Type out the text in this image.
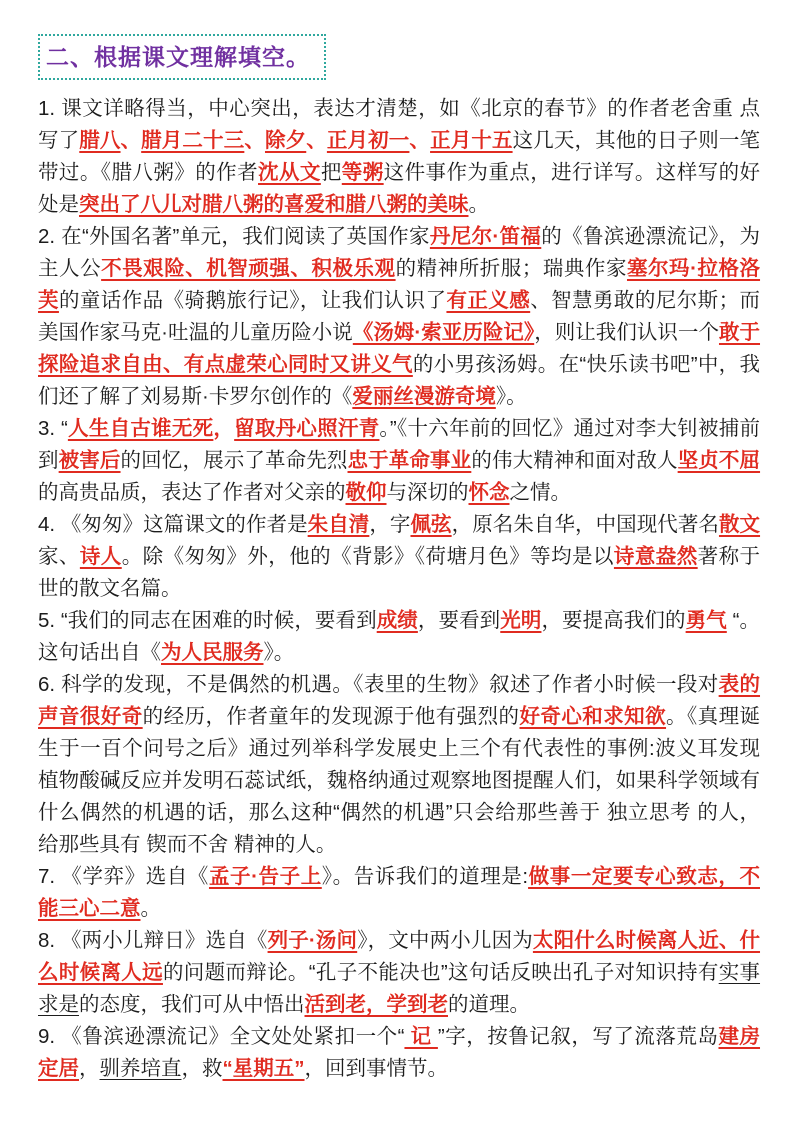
二、根据课文理解填空。

1. 课文详略得当，中心突出，表达才清楚，如《北京的春节》的作者老舍重 点写了腊八、腊月二十三、除夕、正月初一、正月十五这几天，其他的日子则一笔带过。《腊八粥》的作者沈从文把等粥这件事作为重点，进行详写。这样写的好处是突出了八儿对腊八粥的喜爱和腊八粥的美味。

2. 在“外国名著”单元，我们阅读了英国作家丹尼尔·笛福的《鲁滨逊漂流记》，为主人公不畏艰险、机智顽强、积极乐观的精神所折服；瑞典作家塞尔玛·拉格洛芙的童话作品《骑鹅旅行记》，让我们认识了有正义感、智慧勇敢的尼尔斯；而美国作家马克·吐温的儿童历险小说《汤姆·索亚历险记》，则让我们认识一个敢于探险追求自由、有点虚荣心同时又讲义气的小男孩汤姆。在“快乐读书吧”中，我们还了解了刘易斯·卡罗尔创作的《爱丽丝漫游奇境》。

3. “人生自古谁无死，留取丹心照汗青。”《十六年前的回忆》通过对李大钊被捕前到被害后的回忆，展示了革命先烈忠于革命事业的伟大精神和面对敌人坚贞不屈的高贵品质，表达了作者对父亲的敬仰与深切的怀念之情。

4. 《匆匆》这篇课文的作者是朱自清，字佩弦，原名朱自华，中国现代著名散文家、诗人。除《匆匆》外，他的《背影》《荷塘月色》等均是以诗意盎然著称于世的散文名篇。

5. “我们的同志在困难的时候，要看到成绩，要看到光明，要提高我们的勇气 “。这句话出自《为人民服务》。

6. 科学的发现，不是偶然的机遇。《表里的生物》叙述了作者小时候一段对表的声音很好奇的经历，作者童年的发现源于他有强烈的好奇心和求知欲。《真理诞生于一百个问号之后》通过列举科学发展史上三个有代表性的事例:波义耳发现植物酸碱反应并发明石蕊试纸，魏格纳通过观察地图提醒人们，如果科学领域有什么偶然的机遇的话，那么这种“偶然的机遇”只会给那些善于 独立思考 的人，给那些具有 锲而不舍 精神的人。

7. 《学弈》选自《孟子·告子上》。告诉我们的道理是:做事一定要专心致志，不能三心二意。

8. 《两小儿辩日》选自《列子·汤问》，文中两小儿因为太阳什么时候离人近、什么时候离人远的问题而辩论。“孔子不能决也”这句话反映出孔子对知识持有实事求是的态度，我们可从中悟出活到老，学到老的道理。

9. 《鲁滨逊漂流记》全文处处紧扣一个“ 记 ”字，按鲁记叙，写了流落荒岛建房定居，驯养培直，救“星期五”，回到事情节。
